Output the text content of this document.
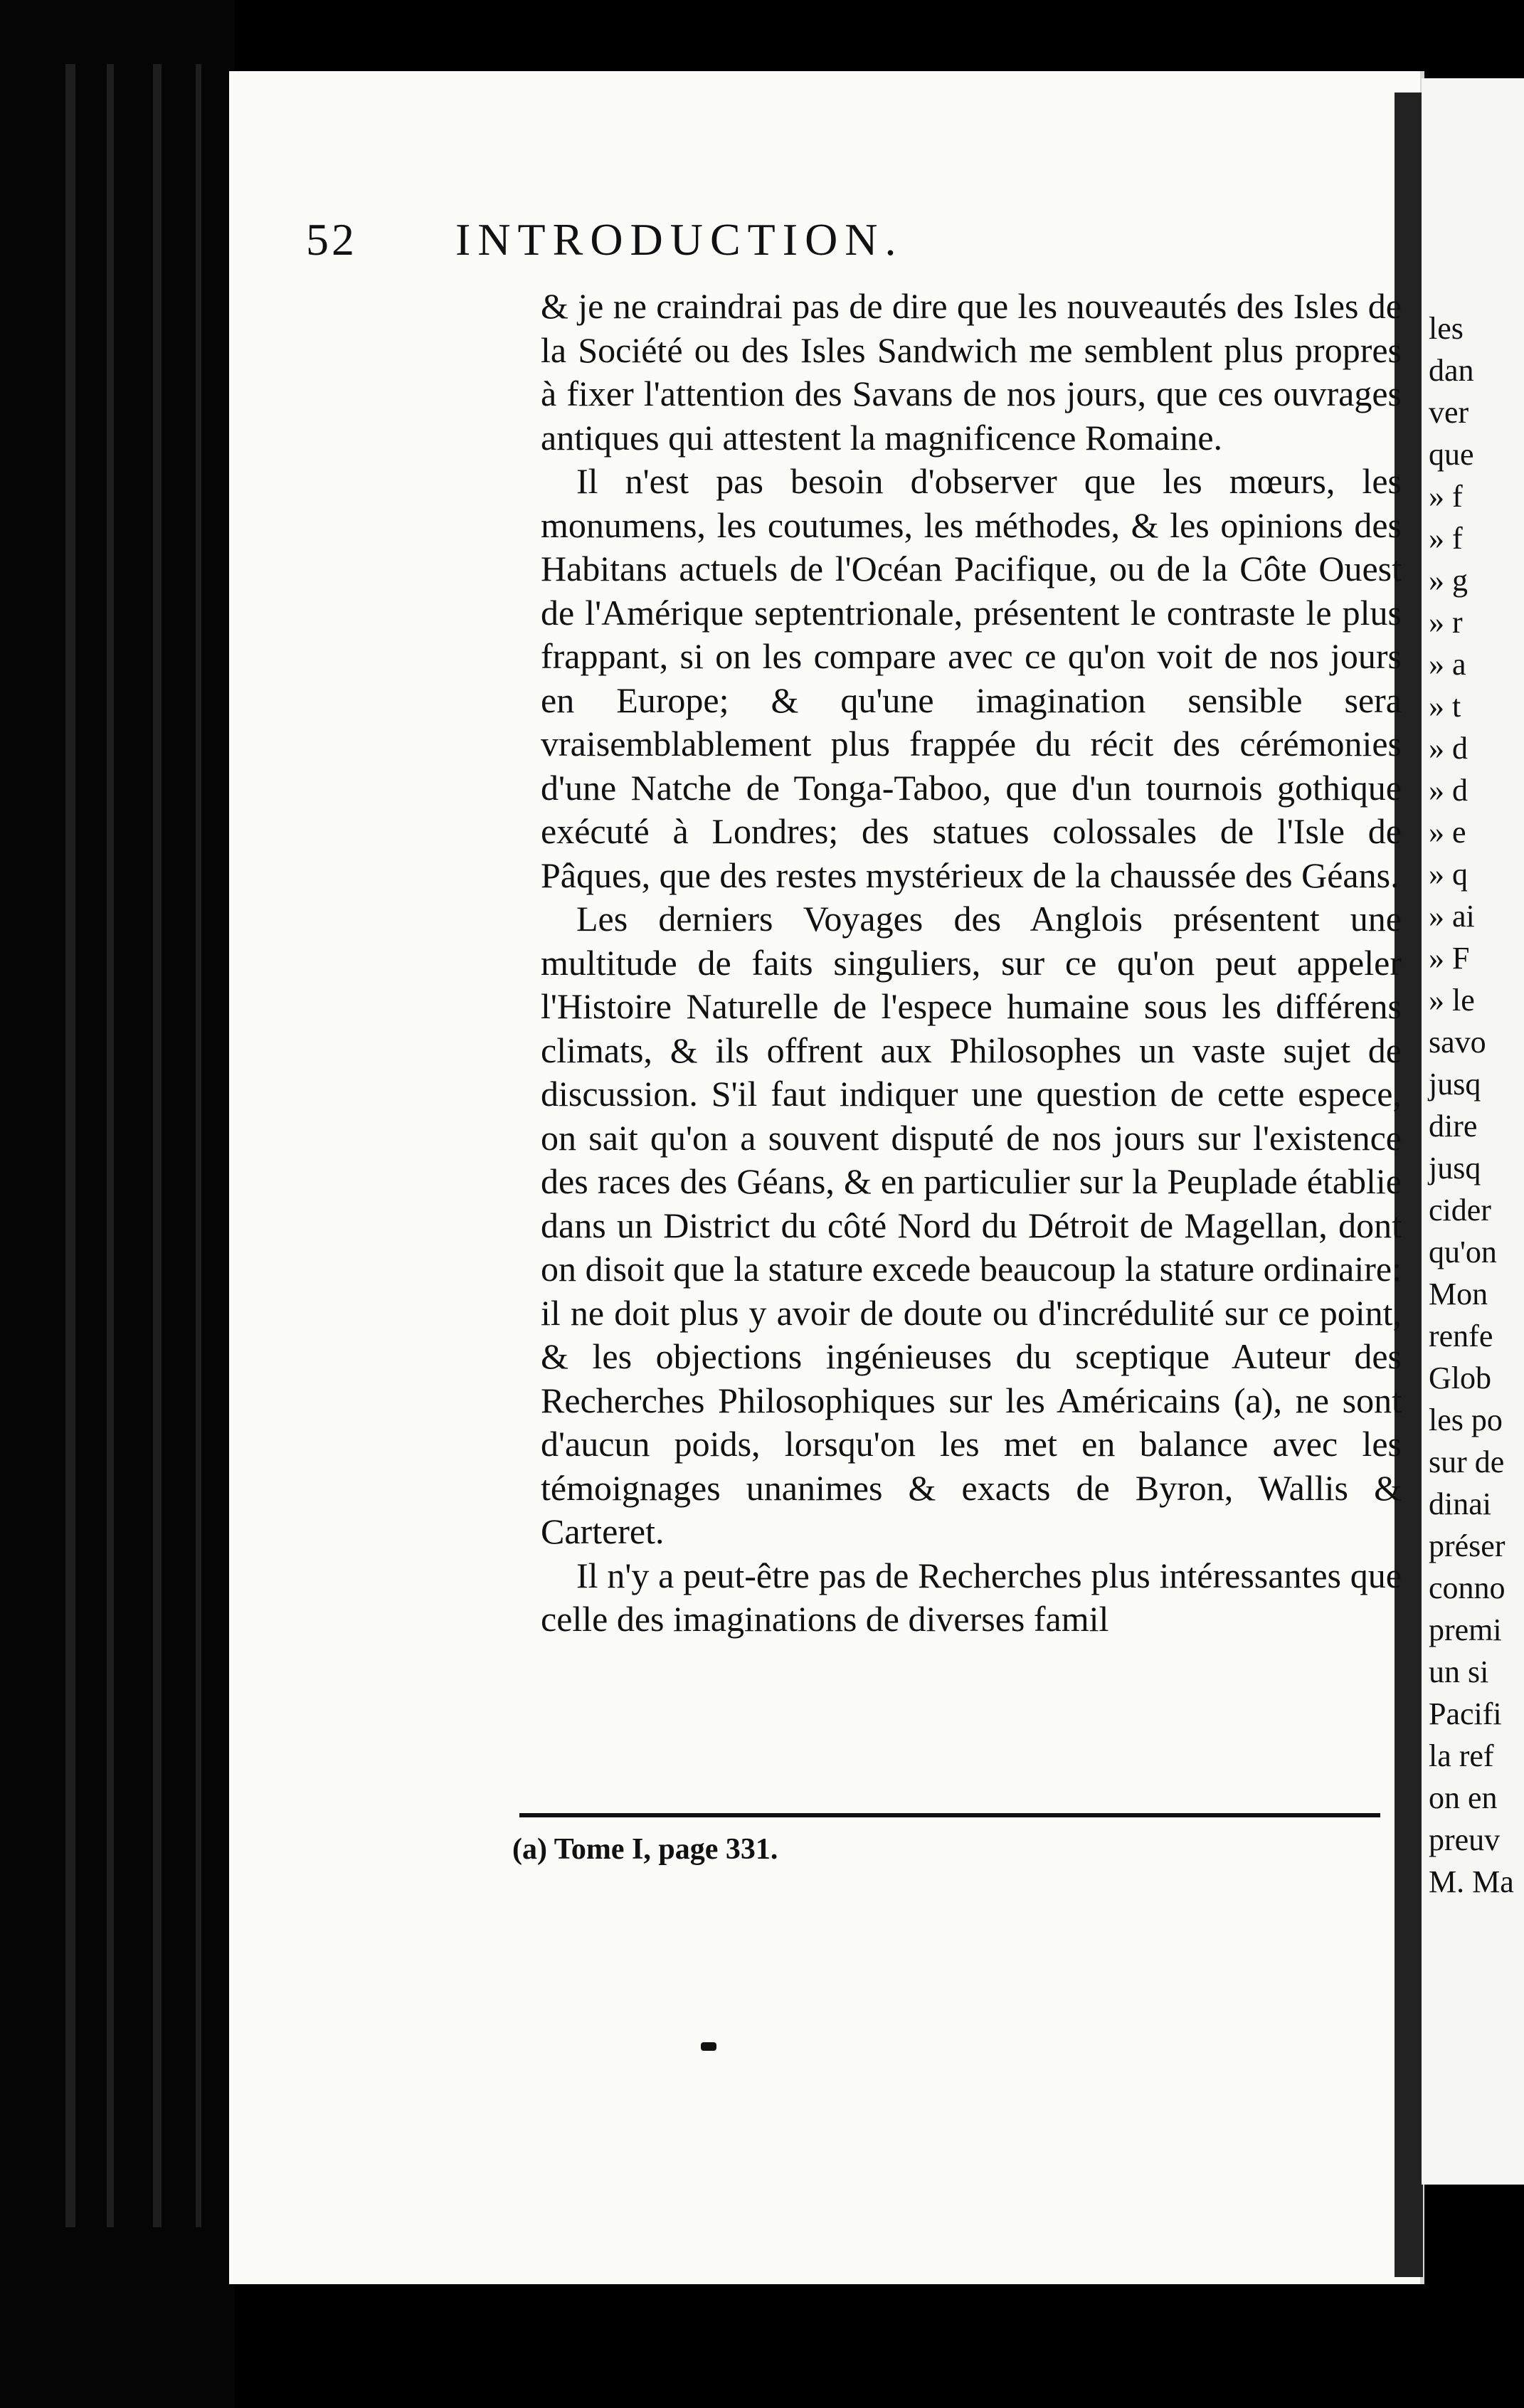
52 INTRODUCTION.

& je ne craindrai pas de dire que les nouveautés des Isles de la Société ou des Isles Sandwich me semblent plus propres à fixer l'attention des Savans de nos jours, que ces ouvrages antiques qui attestent la magnificence Romaine.

Il n'est pas besoin d'observer que les mœurs, les monumens, les coutumes, les méthodes, & les opinions des Habitans actuels de l'Océan Pacifique, ou de la Côte Ouest de l'Amérique septentrionale, présentent le contraste le plus frappant, si on les compare avec ce qu'on voit de nos jours en Europe; & qu'une imagination sensible sera vraisemblablement plus frappée du récit des cérémonies d'une Natche de Tonga-Taboo, que d'un tournois gothique exécuté à Londres; des statues colossales de l'Isle de Pâques, que des restes mystérieux de la chaussée des Géans.

Les derniers Voyages des Anglois présentent une multitude de faits singuliers, sur ce qu'on peut appeler l'Histoire Naturelle de l'espece humaine sous les différens climats, & ils offrent aux Philosophes un vaste sujet de discussion. S'il faut indiquer une question de cette espece, on sait qu'on a souvent disputé de nos jours sur l'existence des races des Géans, & en particulier sur la Peuplade établie dans un District du côté Nord du Détroit de Magellan, dont on disoit que la stature excede beaucoup la stature ordinaire: il ne doit plus y avoir de doute ou d'incrédulité sur ce point, & les objections ingénieuses du sceptique Auteur des Recherches Philosophiques sur les Américains (a), ne sont d'aucun poids, lorsqu'on les met en balance avec les témoignages unanimes & exacts de Byron, Wallis & Carteret.

Il n'y a peut-être pas de Recherches plus intéressantes que celle des imaginations de diverses famil

(a) Tome I, page 331.
les
dan
ver
que
» f
» f
» g
» r
» a
» t
» d
» d
» e
» q
» ai
» F
» le
savo
jusq
dire
jusq
cider
qu'on
Mon
renfe
Glob
les po
sur de
dinai
préser
conno
premi
un si
Pacifi
la ref
on en
preuv
M. Ma
